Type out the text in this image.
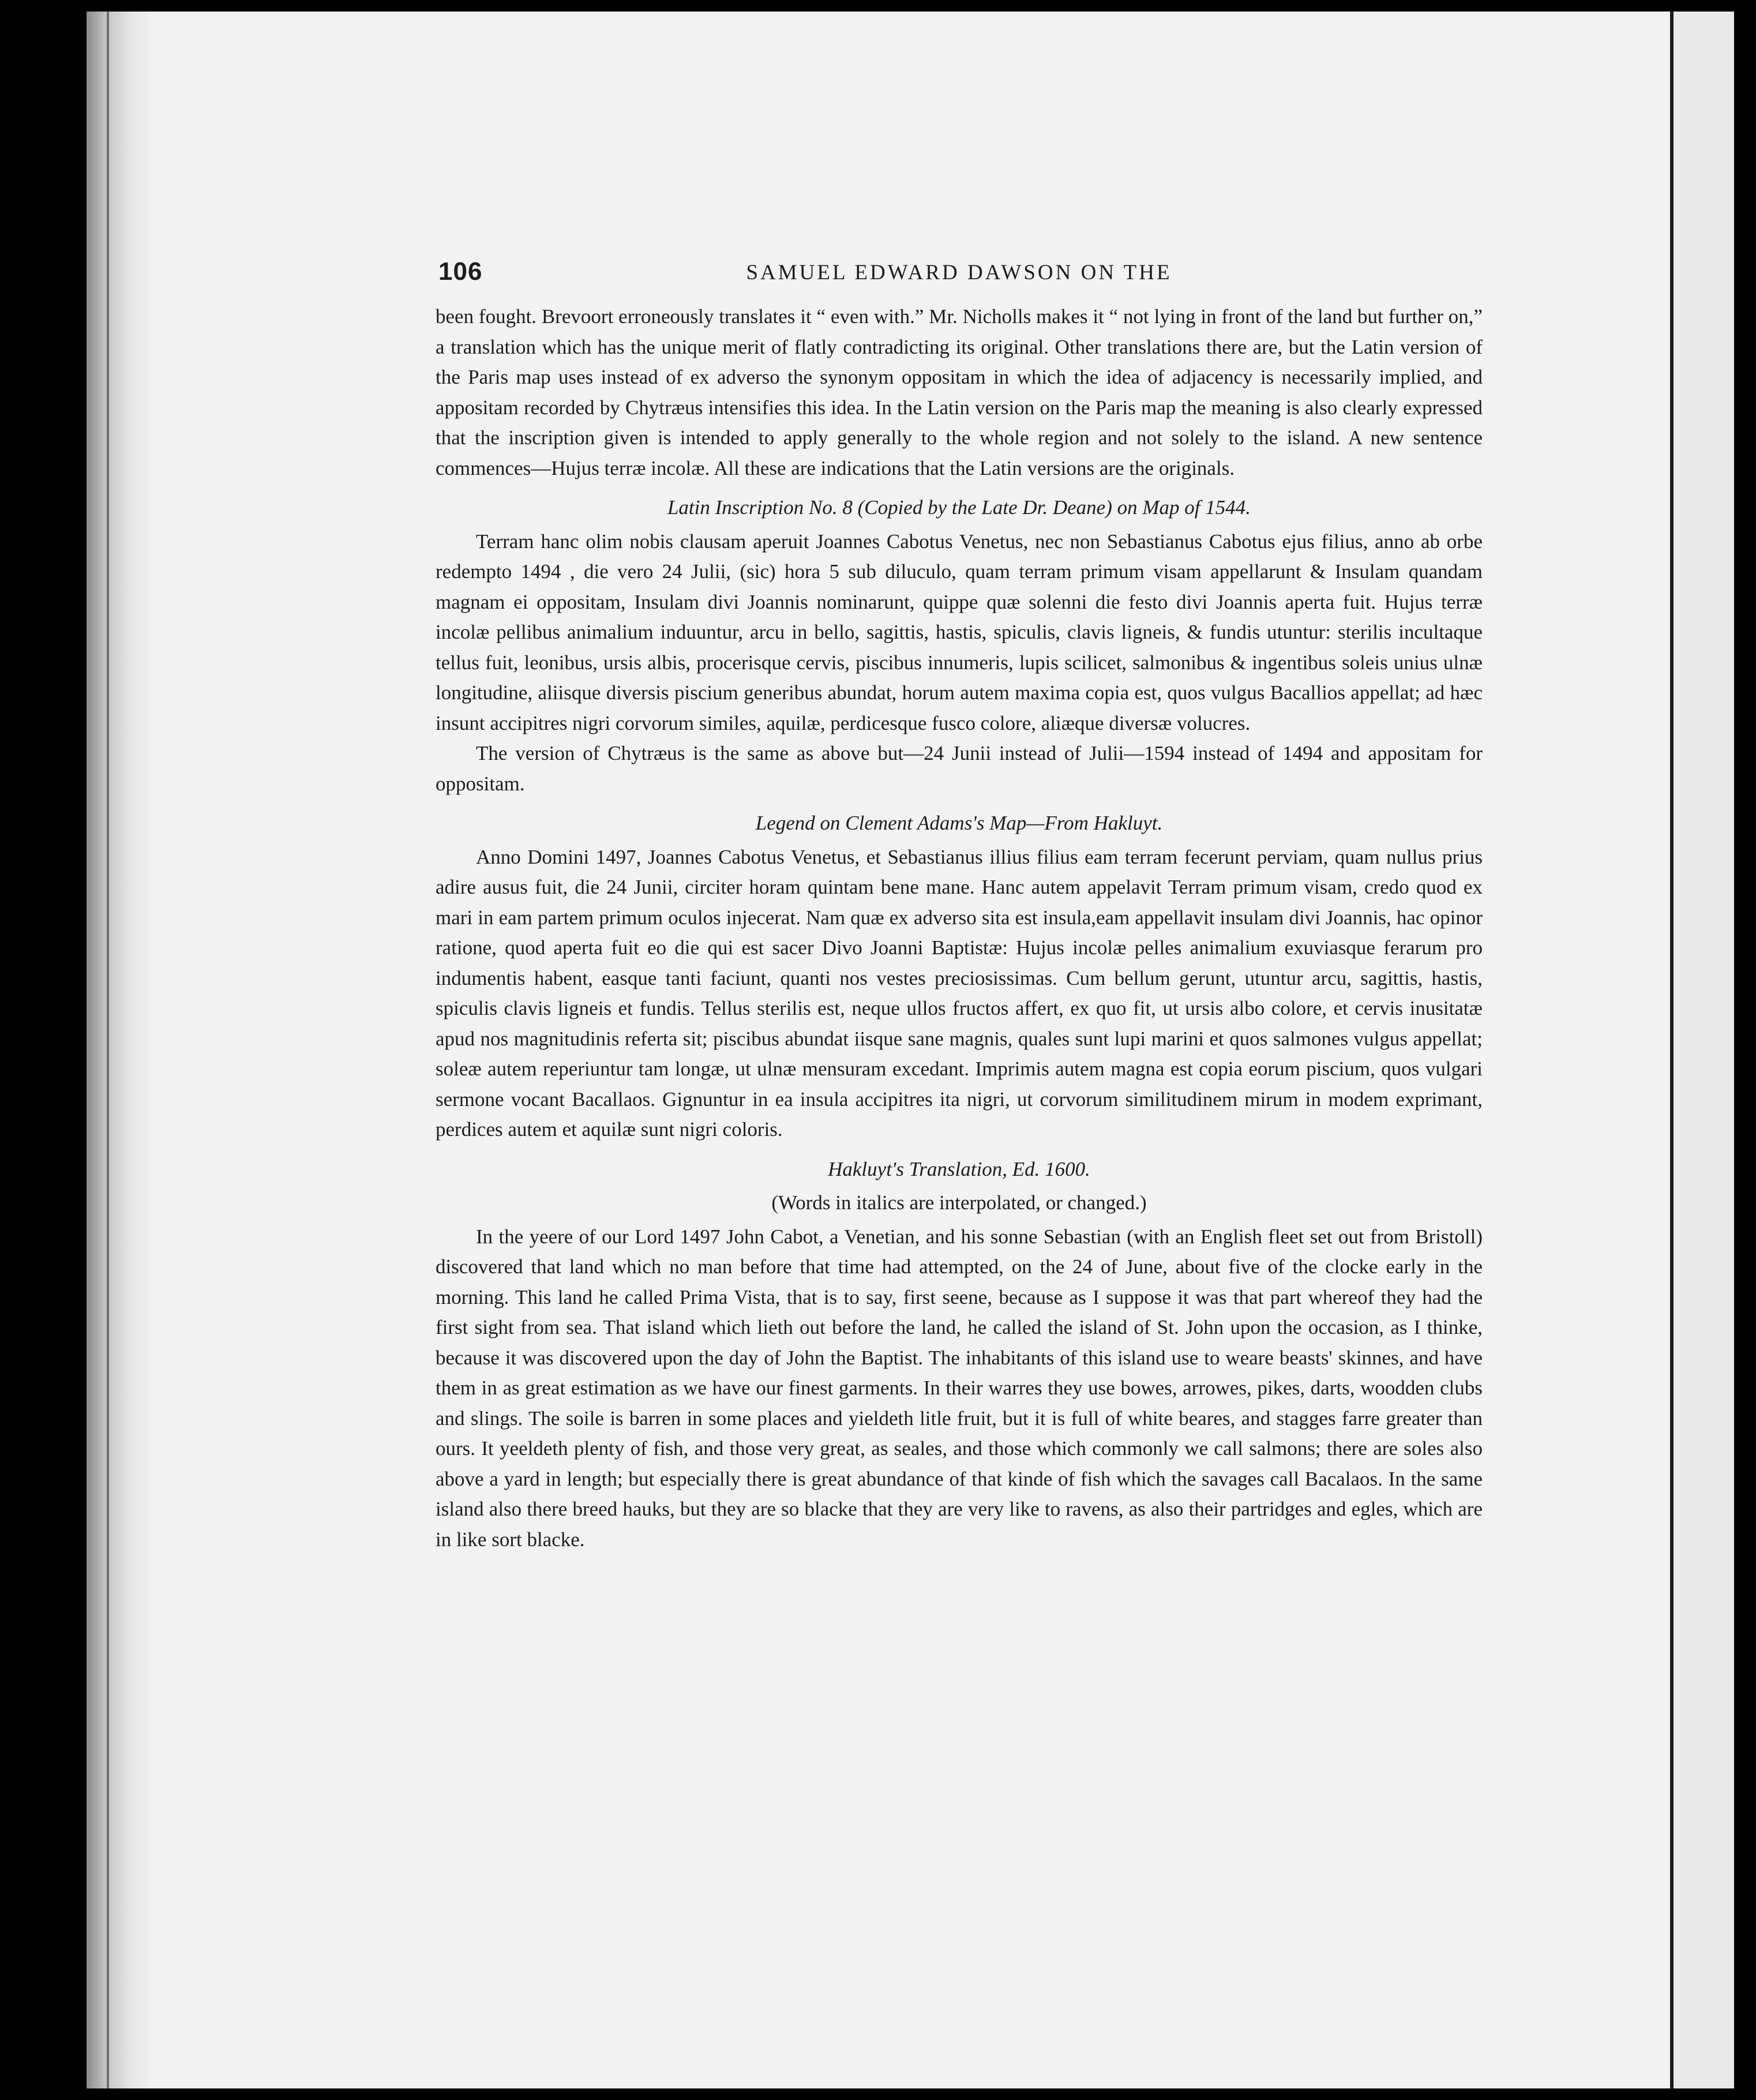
106	SAMUEL EDWARD DAWSON ON THE

been fought. Brevoort erroneously translates it “ even with.” Mr. Nicholls makes it “ not lying in front of the land but further on,” a translation which has the unique merit of flatly contradicting its original. Other translations there are, but the Latin version of the Paris map uses instead of ex adverso the synonym oppositam in which the idea of adjacency is necessarily implied, and appositam recorded by Chytræus intensifies this idea. In the Latin version on the Paris map the meaning is also clearly expressed that the inscription given is intended to apply generally to the whole region and not solely to the island. A new sentence commences—Hujus terræ incolæ. All these are indications that the Latin versions are the originals.

Latin Inscription No. 8 (Copied by the Late Dr. Deane) on Map of 1544.

Terram hanc olim nobis clausam aperuit Joannes Cabotus Venetus, nec non Sebastianus Cabotus ejus filius, anno ab orbe redempto 1494 , die vero 24 Julii, (sic) hora 5 sub diluculo, quam terram primum visam appellarunt & Insulam quandam magnam ei oppositam, Insulam divi Joannis nominarunt, quippe quæ solenni die festo divi Joannis aperta fuit. Hujus terræ incolæ pellibus animalium induuntur, arcu in bello, sagittis, hastis, spiculis, clavis ligneis, & fundis utuntur: sterilis incultaque tellus fuit, leonibus, ursis albis, procerisque cervis, piscibus innumeris, lupis scilicet, salmonibus & ingentibus soleis unius ulnæ longitudine, aliisque diversis piscium generibus abundat, horum autem maxima copia est, quos vulgus Bacallios appellat; ad hæc insunt accipitres nigri corvorum similes, aquilæ, perdicesque fusco colore, aliæque diversæ volucres.

The version of Chytræus is the same as above but—24 Junii instead of Julii—1594 instead of 1494 and appositam for oppositam.

Legend on Clement Adams's Map—From Hakluyt.

Anno Domini 1497, Joannes Cabotus Venetus, et Sebastianus illius filius eam terram fecerunt perviam, quam nullus prius adire ausus fuit, die 24 Junii, circiter horam quintam bene mane. Hanc autem appelavit Terram primum visam, credo quod ex mari in eam partem primum oculos injecerat. Nam quæ ex adverso sita est insula,eam appellavit insulam divi Joannis, hac opinor ratione, quod aperta fuit eo die qui est sacer Divo Joanni Baptistæ: Hujus incolæ pelles animalium exuviasque ferarum pro indumentis habent, easque tanti faciunt, quanti nos vestes preciosissimas. Cum bellum gerunt, utuntur arcu, sagittis, hastis, spiculis clavis ligneis et fundis. Tellus sterilis est, neque ullos fructos affert, ex quo fit, ut ursis albo colore, et cervis inusitatæ apud nos magnitudinis referta sit; piscibus abundat iisque sane magnis, quales sunt lupi marini et quos salmones vulgus appellat; soleæ autem reperiuntur tam longæ, ut ulnæ mensuram excedant. Imprimis autem magna est copia eorum piscium, quos vulgari sermone vocant Bacallaos. Gignuntur in ea insula accipitres ita nigri, ut corvorum similitudinem mirum in modem exprimant, perdices autem et aquilæ sunt nigri coloris.

Hakluyt's Translation, Ed. 1600.

(Words in italics are interpolated, or changed.)

In the yeere of our Lord 1497 John Cabot, a Venetian, and his sonne Sebastian (with an English fleet set out from Bristoll) discovered that land which no man before that time had attempted, on the 24 of June, about five of the clocke early in the morning. This land he called Prima Vista, that is to say, first seene, because as I suppose it was that part whereof they had the first sight from sea. That island which lieth out before the land, he called the island of St. John upon the occasion, as I thinke, because it was discovered upon the day of John the Baptist. The inhabitants of this island use to weare beasts' skinnes, and have them in as great estimation as we have our finest garments. In their warres they use bowes, arrowes, pikes, darts, woodden clubs and slings. The soile is barren in some places and yieldeth litle fruit, but it is full of white beares, and stagges farre greater than ours. It yeeldeth plenty of fish, and those very great, as seales, and those which commonly we call salmons; there are soles also above a yard in length; but especially there is great abundance of that kinde of fish which the savages call Bacalaos. In the same island also there breed hauks, but they are so blacke that they are very like to ravens, as also their partridges and egles, which are in like sort blacke.
